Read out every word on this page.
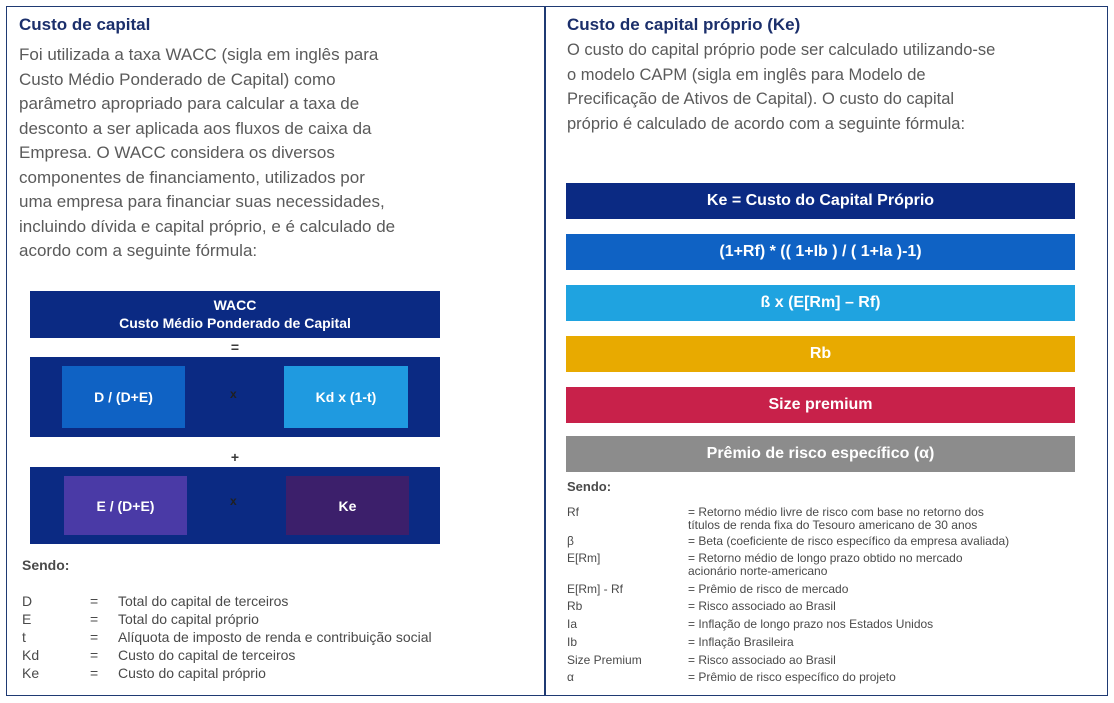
Custo de capital
Foi utilizada a taxa WACC (sigla em inglês para
Custo Médio Ponderado de Capital) como
parâmetro apropriado para calcular a taxa de
desconto a ser aplicada aos fluxos de caixa da
Empresa. O WACC considera os diversos
componentes de financiamento, utilizados por
uma empresa para financiar suas necessidades,
incluindo dívida e capital próprio, e é calculado de
acordo com a seguinte fórmula:
WACC
Custo Médio Ponderado de Capital
=
D / (D+E)	x	Kd x (1-t)
+
E / (D+E)	x	Ke
Sendo:
D	= Total do capital de terceiros
E	= Total do capital próprio
t	= Alíquota de imposto de renda e contribuição social
Kd	= Custo do capital de terceiros
Ke	= Custo do capital próprio
Custo de capital próprio (Ke)
O custo do capital próprio pode ser calculado utilizando-se
o modelo CAPM (sigla em inglês para Modelo de
Precificação de Ativos de Capital). O custo do capital
próprio é calculado de acordo com a seguinte fórmula:
Ke = Custo do Capital Próprio
(1+Rf) * (( 1+Ib ) / ( 1+Ia )-1)
ß x (E[Rm] – Rf)
Rb
Size premium
Prêmio de risco específico (α)
Sendo:
Rf	= Retorno médio livre de risco com base no retorno dos
títulos de renda fixa do Tesouro americano de 30 anos
β	= Beta (coeficiente de risco específico da empresa avaliada)
E[Rm]	= Retorno médio de longo prazo obtido no mercado
acionário norte-americano
E[Rm] - Rf	= Prêmio de risco de mercado
Rb	= Risco associado ao Brasil
Ia	= Inflação de longo prazo nos Estados Unidos
Ib	= Inflação Brasileira
Size Premium	= Risco associado ao Brasil
α	= Prêmio de risco específico do projeto
